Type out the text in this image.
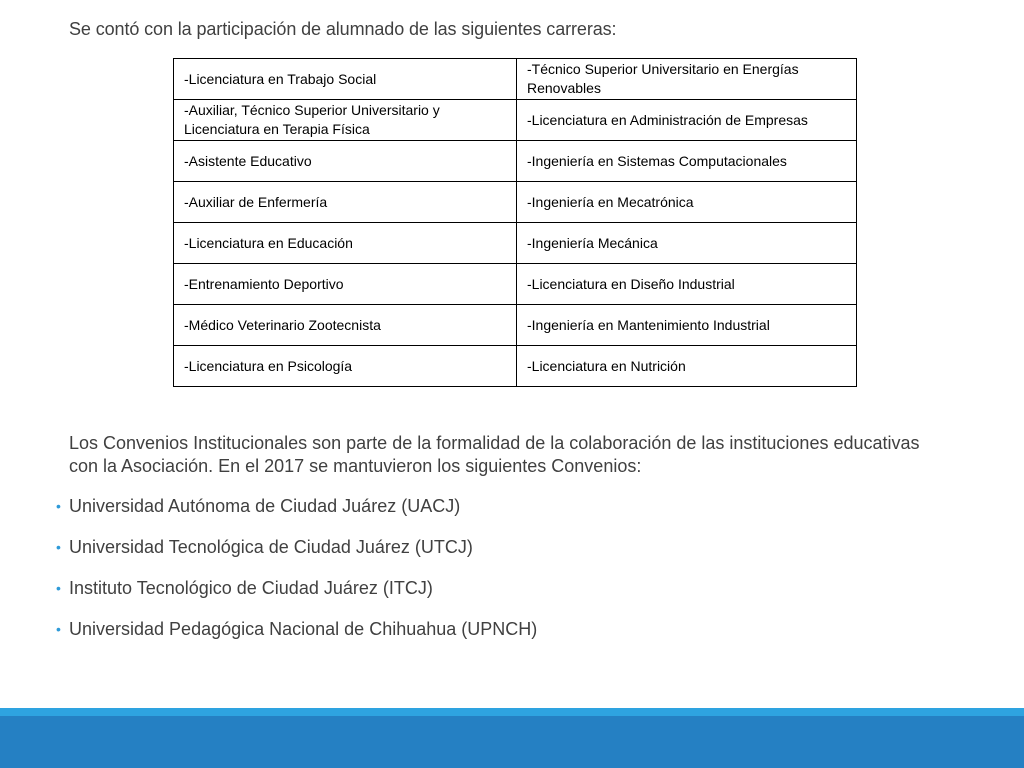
Se contó con la participación de alumnado de las siguientes carreras:
-Licenciatura en Trabajo Social	-Técnico Superior Universitario en Energías Renovables
-Auxiliar, Técnico Superior Universitario y Licenciatura en Terapia Física	-Licenciatura en Administración de Empresas
-Asistente Educativo	-Ingeniería en Sistemas Computacionales
-Auxiliar de Enfermería	-Ingeniería en Mecatrónica
-Licenciatura en Educación	-Ingeniería Mecánica
-Entrenamiento Deportivo	-Licenciatura en Diseño Industrial
-Médico Veterinario Zootecnista	-Ingeniería en Mantenimiento Industrial
-Licenciatura en Psicología	-Licenciatura en Nutrición
Los Convenios Institucionales son parte de la formalidad de la colaboración de las instituciones educativas con la Asociación. En el 2017 se mantuvieron los siguientes Convenios:
• Universidad Autónoma de Ciudad Juárez (UACJ)
• Universidad Tecnológica de Ciudad Juárez (UTCJ)
• Instituto Tecnológico de Ciudad Juárez (ITCJ)
• Universidad Pedagógica Nacional de Chihuahua (UPNCH)
